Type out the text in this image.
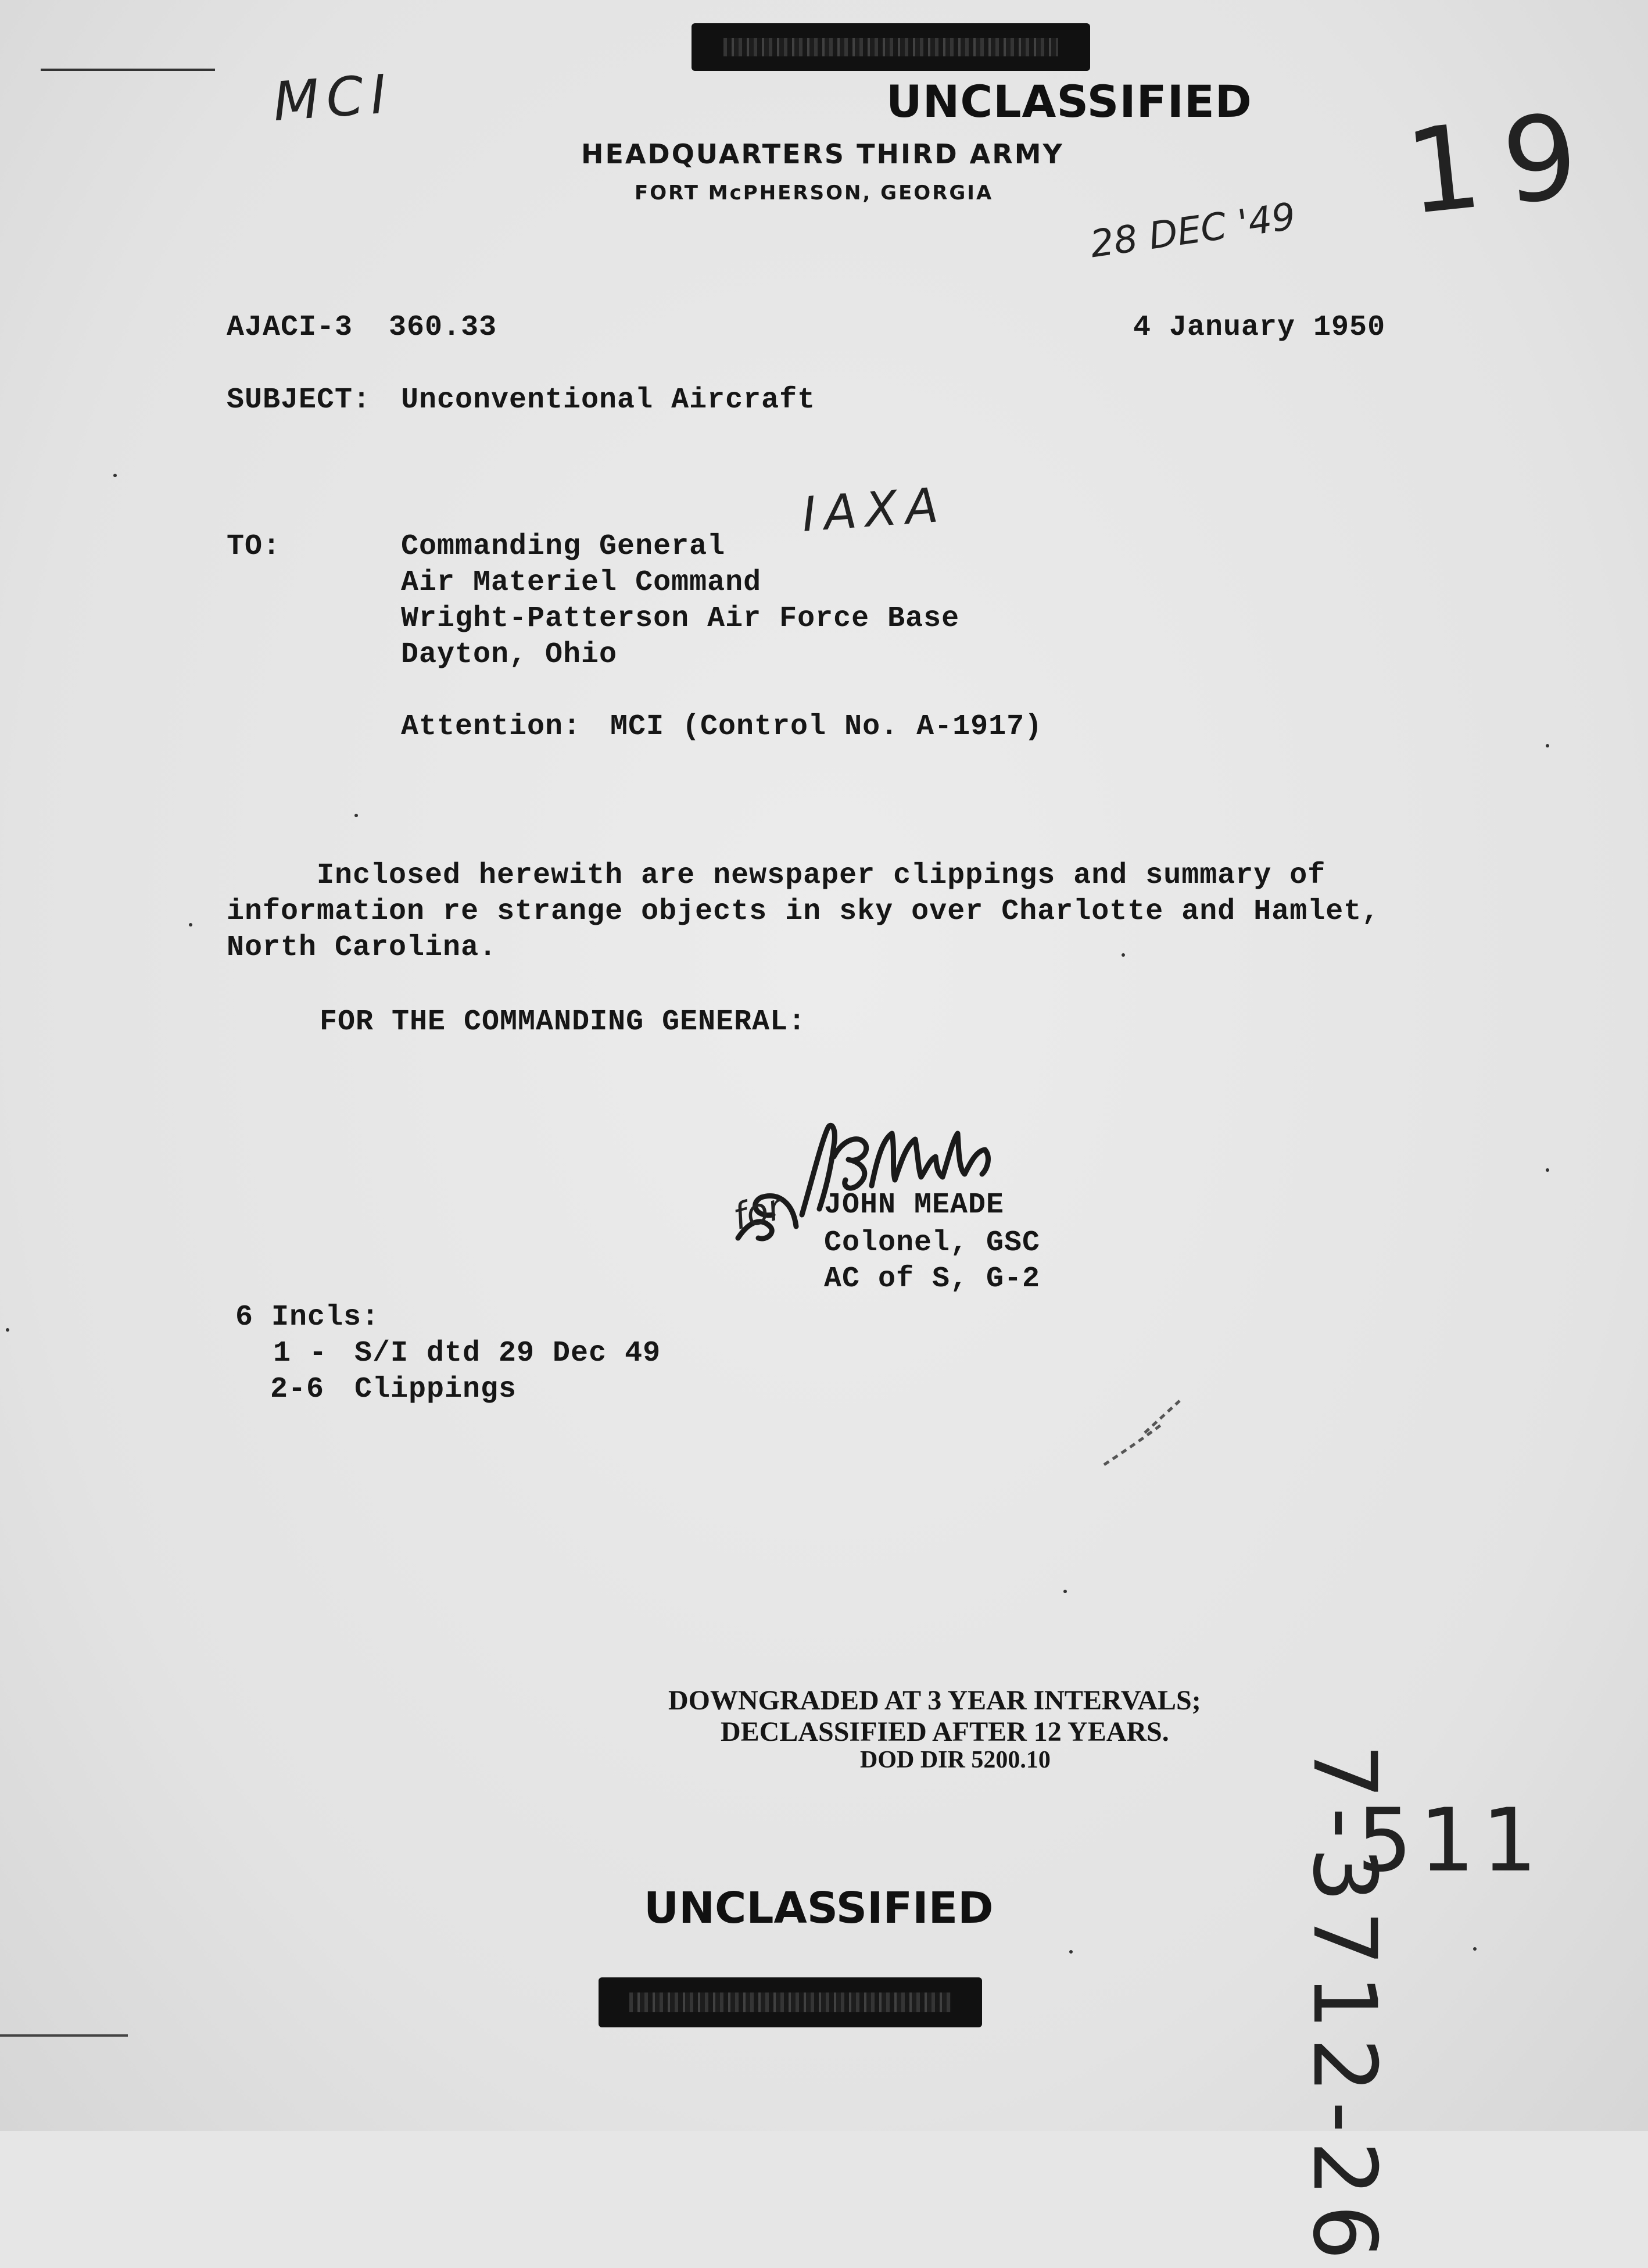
MCI	UNCLASSIFIED
HEADQUARTERS THIRD ARMY
FORT McPHERSON, GEORGIA
28 DEC '49 19
AJACI-3  360.33	4 January 1950
SUBJECT: Unconventional Aircraft
TO:	Commanding General
Air Materiel Command
Wright-Patterson Air Force Base
Dayton, Ohio
IAXA
Attention: MCI (Control No. A-1917)
Inclosed herewith are newspaper clippings and summary of
information re strange objects in sky over Charlotte and Hamlet,
North Carolina.
FOR THE COMMANDING GENERAL:
for JOHN MEADE
Colonel, GSC
AC of S, G-2
6 Incls:
1 - S/I dtd 29 Dec 49
2-6 Clippings
DOWNGRADED AT 3 YEAR INTERVALS;
DECLASSIFIED AFTER 12 YEARS.
DOD DIR 5200.10
511
UNCLASSIFIED	7-3712-26
